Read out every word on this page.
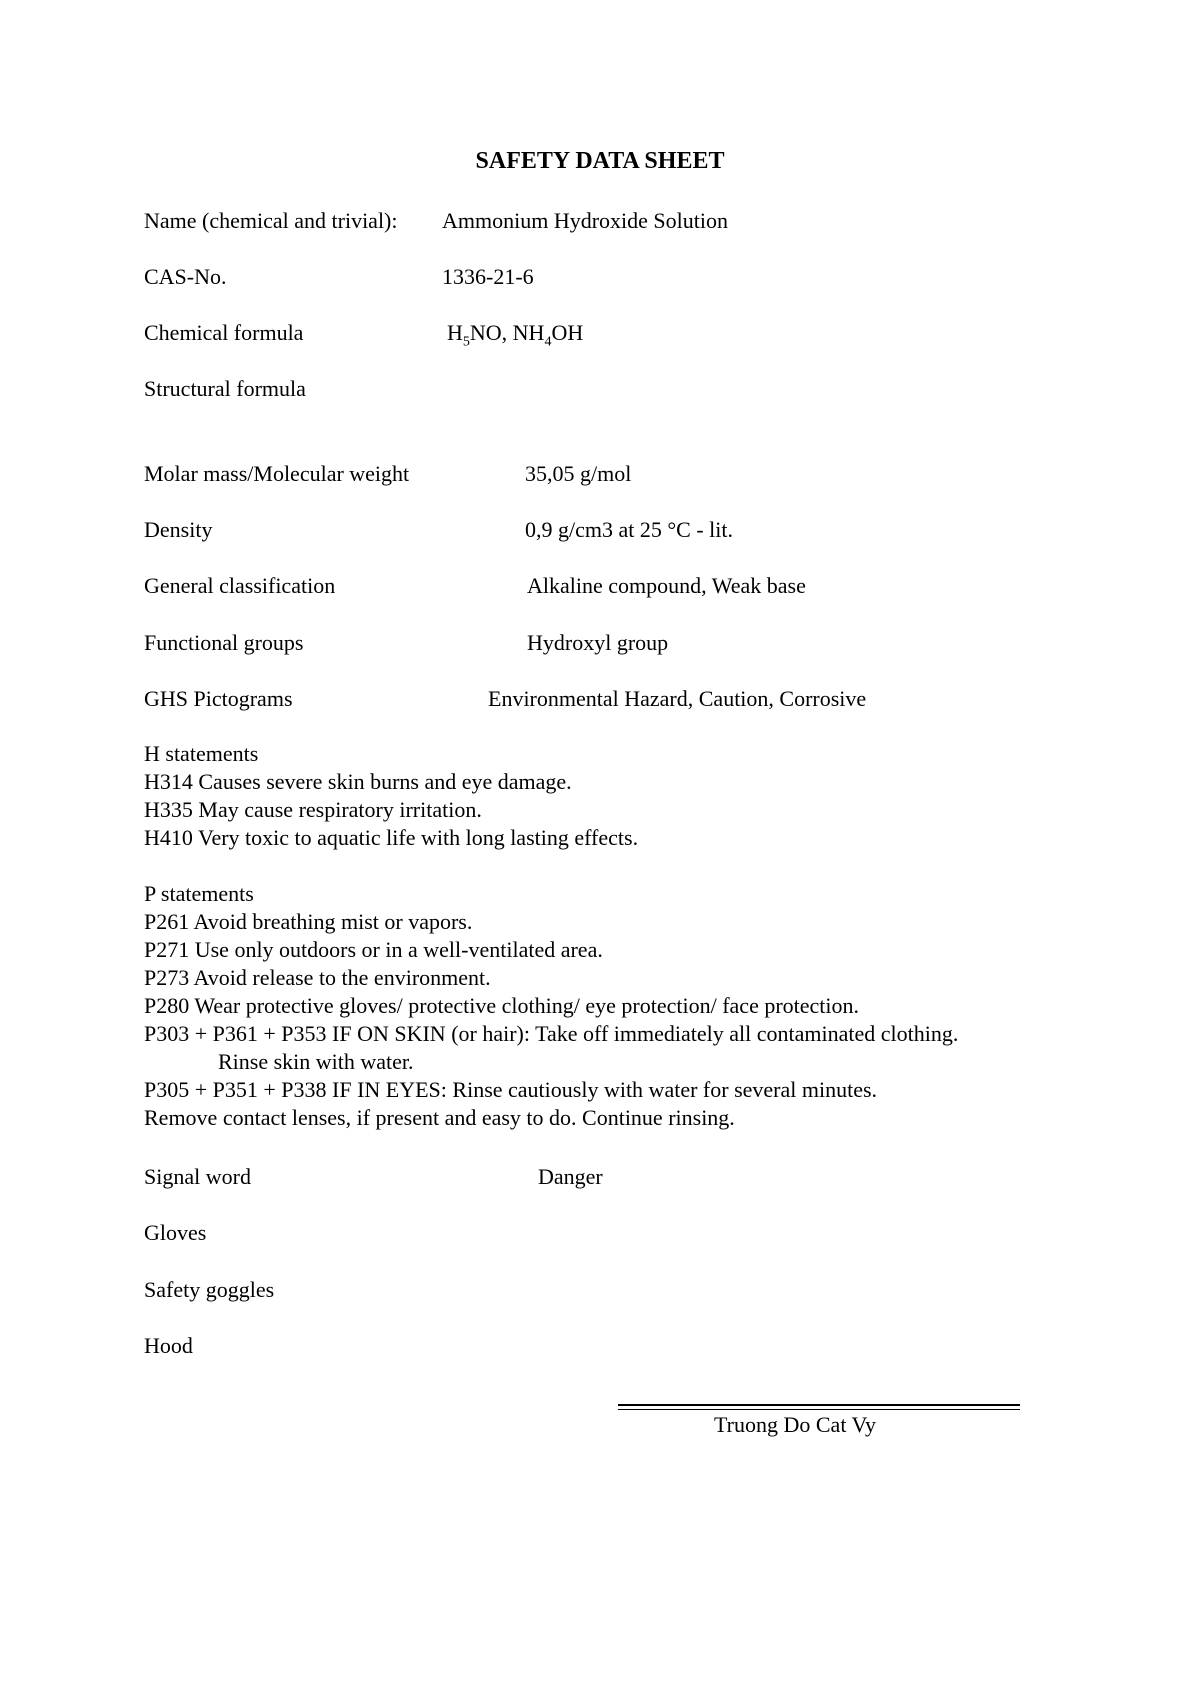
SAFETY DATA SHEET
Name (chemical and trivial): Ammonium Hydroxide Solution
CAS-No.	1336-21-6
Chemical formula	$H_5NO$, $NH_4OH$
Structural formula
Molar mass/Molecular weight	35,05 g/mol
Density	0,9 g/cm3 at 25 °C - lit.
General classification	Alkaline compound, Weak base
Functional groups	Hydroxyl group
GHS Pictograms	Environmental Hazard, Caution, Corrosive
H statements
H314 Causes severe skin burns and eye damage.
H335 May cause respiratory irritation.
H410 Very toxic to aquatic life with long lasting effects.
P statements
P261 Avoid breathing mist or vapors.
P271 Use only outdoors or in a well-ventilated area.
P273 Avoid release to the environment.
P280 Wear protective gloves/ protective clothing/ eye protection/ face protection.
P303 + P361 + P353 IF ON SKIN (or hair): Take off immediately all contaminated clothing.
Rinse skin with water.
P305 + P351 + P338 IF IN EYES: Rinse cautiously with water for several minutes.
Remove contact lenses, if present and easy to do. Continue rinsing.
Signal word	Danger
Gloves
Safety goggles
Hood
Truong Do Cat Vy
